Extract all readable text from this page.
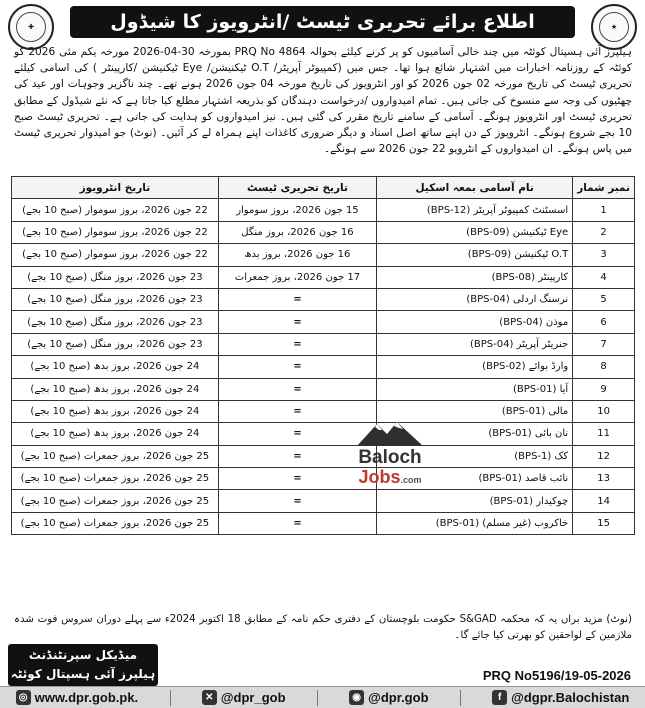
✚	★
اطلاع برائے تحریری ٹیسٹ /انٹرویوز کا شیڈول
ہیلپرز آئی ہسپتال کوئٹہ میں چند خالی آسامیوں کو پر کرنے کیلئے بحوالہ PRQ No 4864 بمورخہ 30-04-2026 مورخہ یکم مئی 2026 کو کوئٹہ کے روزنامہ اخبارات میں اشتہار شائع ہوا تھا۔ جس میں (کمپیوٹر آپریٹر/ O.T ٹیکنیشن/ Eye ٹیکنیشن /کارپینٹر ) کی اسامی کیلئے تحریری ٹیسٹ کی تاریخ مورخہ 02 جون 2026 کو اور انٹرویوز کی تاریخ مورخہ 04 جون 2026 ہونے تھے۔ چند ناگزیر وجوہات اور عید کی چھٹیوں کی وجہ سے منسوخ کی جاتی ہیں۔ تمام امیدواروں /درخواست دہندگان کو بذریعہ اشتہار مطلع کیا جاتا ہے کہ نئے شیڈول کے مطابق تحریری ٹیسٹ اور انٹرویوز ہونگے۔ آسامی کے سامنے تاریخ مقرر کی گئی ہیں۔ نیز امیدواروں کو ہدایت کی جاتی ہے۔ تحریری ٹیسٹ صبح 10 بجے شروع ہونگے۔ انٹرویوز کے دن اپنے ساتھ اصل اسناد و دیگر ضروری کاغذات اپنے ہمراہ لے کر آئیں۔ (نوٹ) جو امیدوار تحریری ٹیسٹ میں پاس ہونگے۔ ان امیدواروں کے انٹرویو 22 جون 2026 سے ہونگے۔
نمبر شمار	نام آسامی بمعہ اسکیل	تاریخ تحریری ٹیسٹ	تاریخ انٹرویوز
1	اسسٹنٹ کمپیوٹر آپریٹر (BPS-12)	15 جون 2026، بروز سوموار	22 جون 2026، بروز سوموار (صبح 10 بجے)
2	Eye ٹیکنیشن (BPS-09)	16 جون 2026، بروز منگل	22 جون 2026، بروز سوموار (صبح 10 بجے)
3	O.T ٹیکنیشن (BPS-09)	16 جون 2026، بروز بدھ	22 جون 2026، بروز سوموار (صبح 10 بجے)
4	کارپینٹر (BPS-08)	17 جون 2026، بروز جمعرات	23 جون 2026، بروز منگل (صبح 10 بجے)
5	نرسنگ اردلی (BPS-04)	=	23 جون 2026، بروز منگل (صبح 10 بجے)
6	موذن (BPS-04)	=	23 جون 2026، بروز منگل (صبح 10 بجے)
7	جنریٹر آپریٹر (BPS-04)	=	23 جون 2026، بروز منگل (صبح 10 بجے)
8	وارڈ بوائے (BPS-02)	=	24 جون 2026، بروز بدھ (صبح 10 بجے)
9	آیا (BPS-01)	=	24 جون 2026، بروز بدھ (صبح 10 بجے)
10	مالی (BPS-01)	=	24 جون 2026، بروز بدھ (صبح 10 بجے)
11	نان بائی (BPS-01)	=	24 جون 2026، بروز بدھ (صبح 10 بجے)
12	کک (BPS-1)	=	25 جون 2026، بروز جمعرات (صبح 10 بجے)
13	نائب قاصد (BPS-01)	=	25 جون 2026، بروز جمعرات (صبح 10 بجے)
14	چوکیدار (BPS-01)	=	25 جون 2026، بروز جمعرات (صبح 10 بجے)
15	خاکروب (غیر مسلم) (BPS-01)	=	25 جون 2026، بروز جمعرات (صبح 10 بجے)
Baloch
Jobs.com
(نوٹ) مزید براں یہ کہ محکمہ S&GAD حکومت بلوچستان کے دفتری حکم نامہ کے مطابق 18 اکتوبر 2024ء سے پہلے دوران سروس فوت شدہ ملازمین کے لواحقین کو بھرتی کیا جائے گا۔
میڈیکل سپرنٹنڈنٹ
ہیلپرز آئی ہسپتال کوئٹہ	PRQ No5196/19-05-2026
◎ www.dpr.gob.pk.	✕ @dpr_gob	◉ @dpr.gob	f @dgpr.Balochistan
